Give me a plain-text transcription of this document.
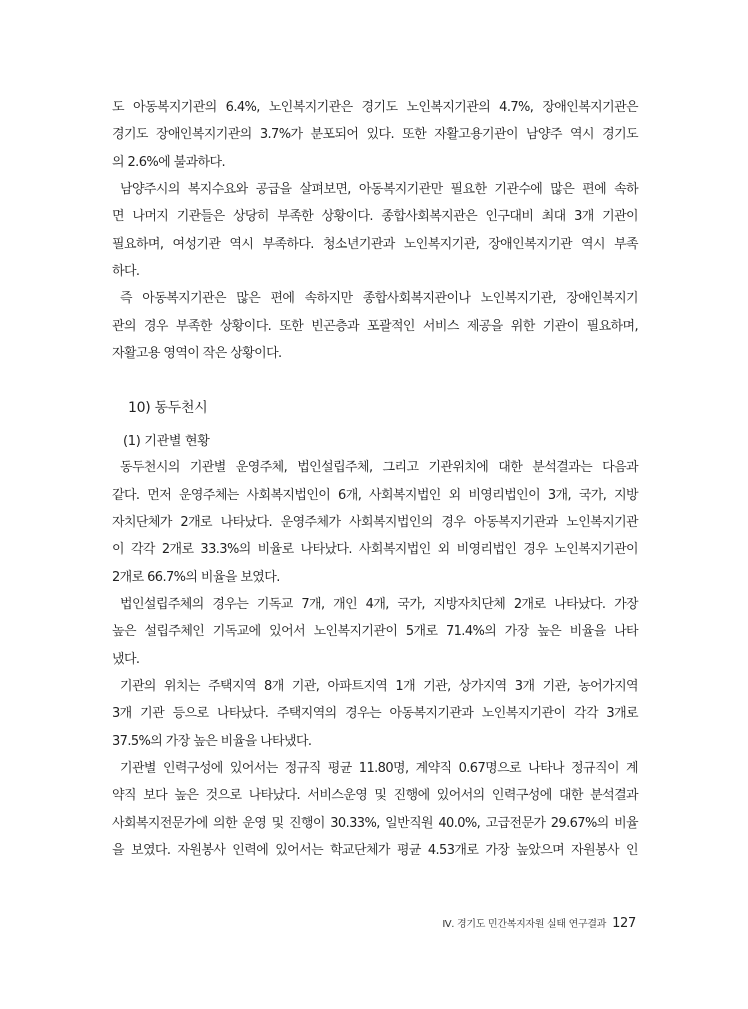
도 아동복지기관의 6.4%, 노인복지기관은 경기도 노인복지기관의 4.7%, 장애인복지기관은
경기도 장애인복지기관의 3.7%가 분포되어 있다. 또한 자활고용기관이 남양주 역시 경기도
의 2.6%에 불과하다.
남양주시의 복지수요와 공급을 살펴보면, 아동복지기관만 필요한 기관수에 많은 편에 속하
면 나머지 기관들은 상당히 부족한 상황이다. 종합사회복지관은 인구대비 최대 3개 기관이
필요하며, 여성기관 역시 부족하다. 청소년기관과 노인복지기관, 장애인복지기관 역시 부족
하다.
즉 아동복지기관은 많은 편에 속하지만 종합사회복지관이나 노인복지기관, 장애인복지기
관의 경우 부족한 상황이다. 또한 빈곤층과 포괄적인 서비스 제공을 위한 기관이 필요하며,
자활고용 영역이 작은 상황이다.
10) 동두천시
(1) 기관별 현황
동두천시의 기관별 운영주체, 법인설립주체, 그리고 기관위치에 대한 분석결과는 다음과
같다. 먼저 운영주체는 사회복지법인이 6개, 사회복지법인 외 비영리법인이 3개, 국가, 지방
자치단체가 2개로 나타났다. 운영주체가 사회복지법인의 경우 아동복지기관과 노인복지기관
이 각각 2개로 33.3%의 비율로 나타났다. 사회복지법인 외 비영리법인 경우 노인복지기관이
2개로 66.7%의 비율을 보였다.
법인설립주체의 경우는 기독교 7개, 개인 4개, 국가, 지방자치단체 2개로 나타났다. 가장
높은 설립주체인 기독교에 있어서 노인복지기관이 5개로 71.4%의 가장 높은 비율을 나타
냈다.
기관의 위치는 주택지역 8개 기관, 아파트지역 1개 기관, 상가지역 3개 기관, 농어가지역
3개 기관 등으로 나타났다. 주택지역의 경우는 아동복지기관과 노인복지기관이 각각 3개로
37.5%의 가장 높은 비율을 나타냈다.
기관별 인력구성에 있어서는 정규직 평균 11.80명, 계약직 0.67명으로 나타나 정규직이 계
약직 보다 높은 것으로 나타났다. 서비스운영 및 진행에 있어서의 인력구성에 대한 분석결과
사회복지전문가에 의한 운영 및 진행이 30.33%, 일반직원 40.0%, 고급전문가 29.67%의 비율
을 보였다. 자원봉사 인력에 있어서는 학교단체가 평균 4.53개로 가장 높았으며 자원봉사 인
Ⅳ. 경기도 민간복지자원 실태 연구결과 127
